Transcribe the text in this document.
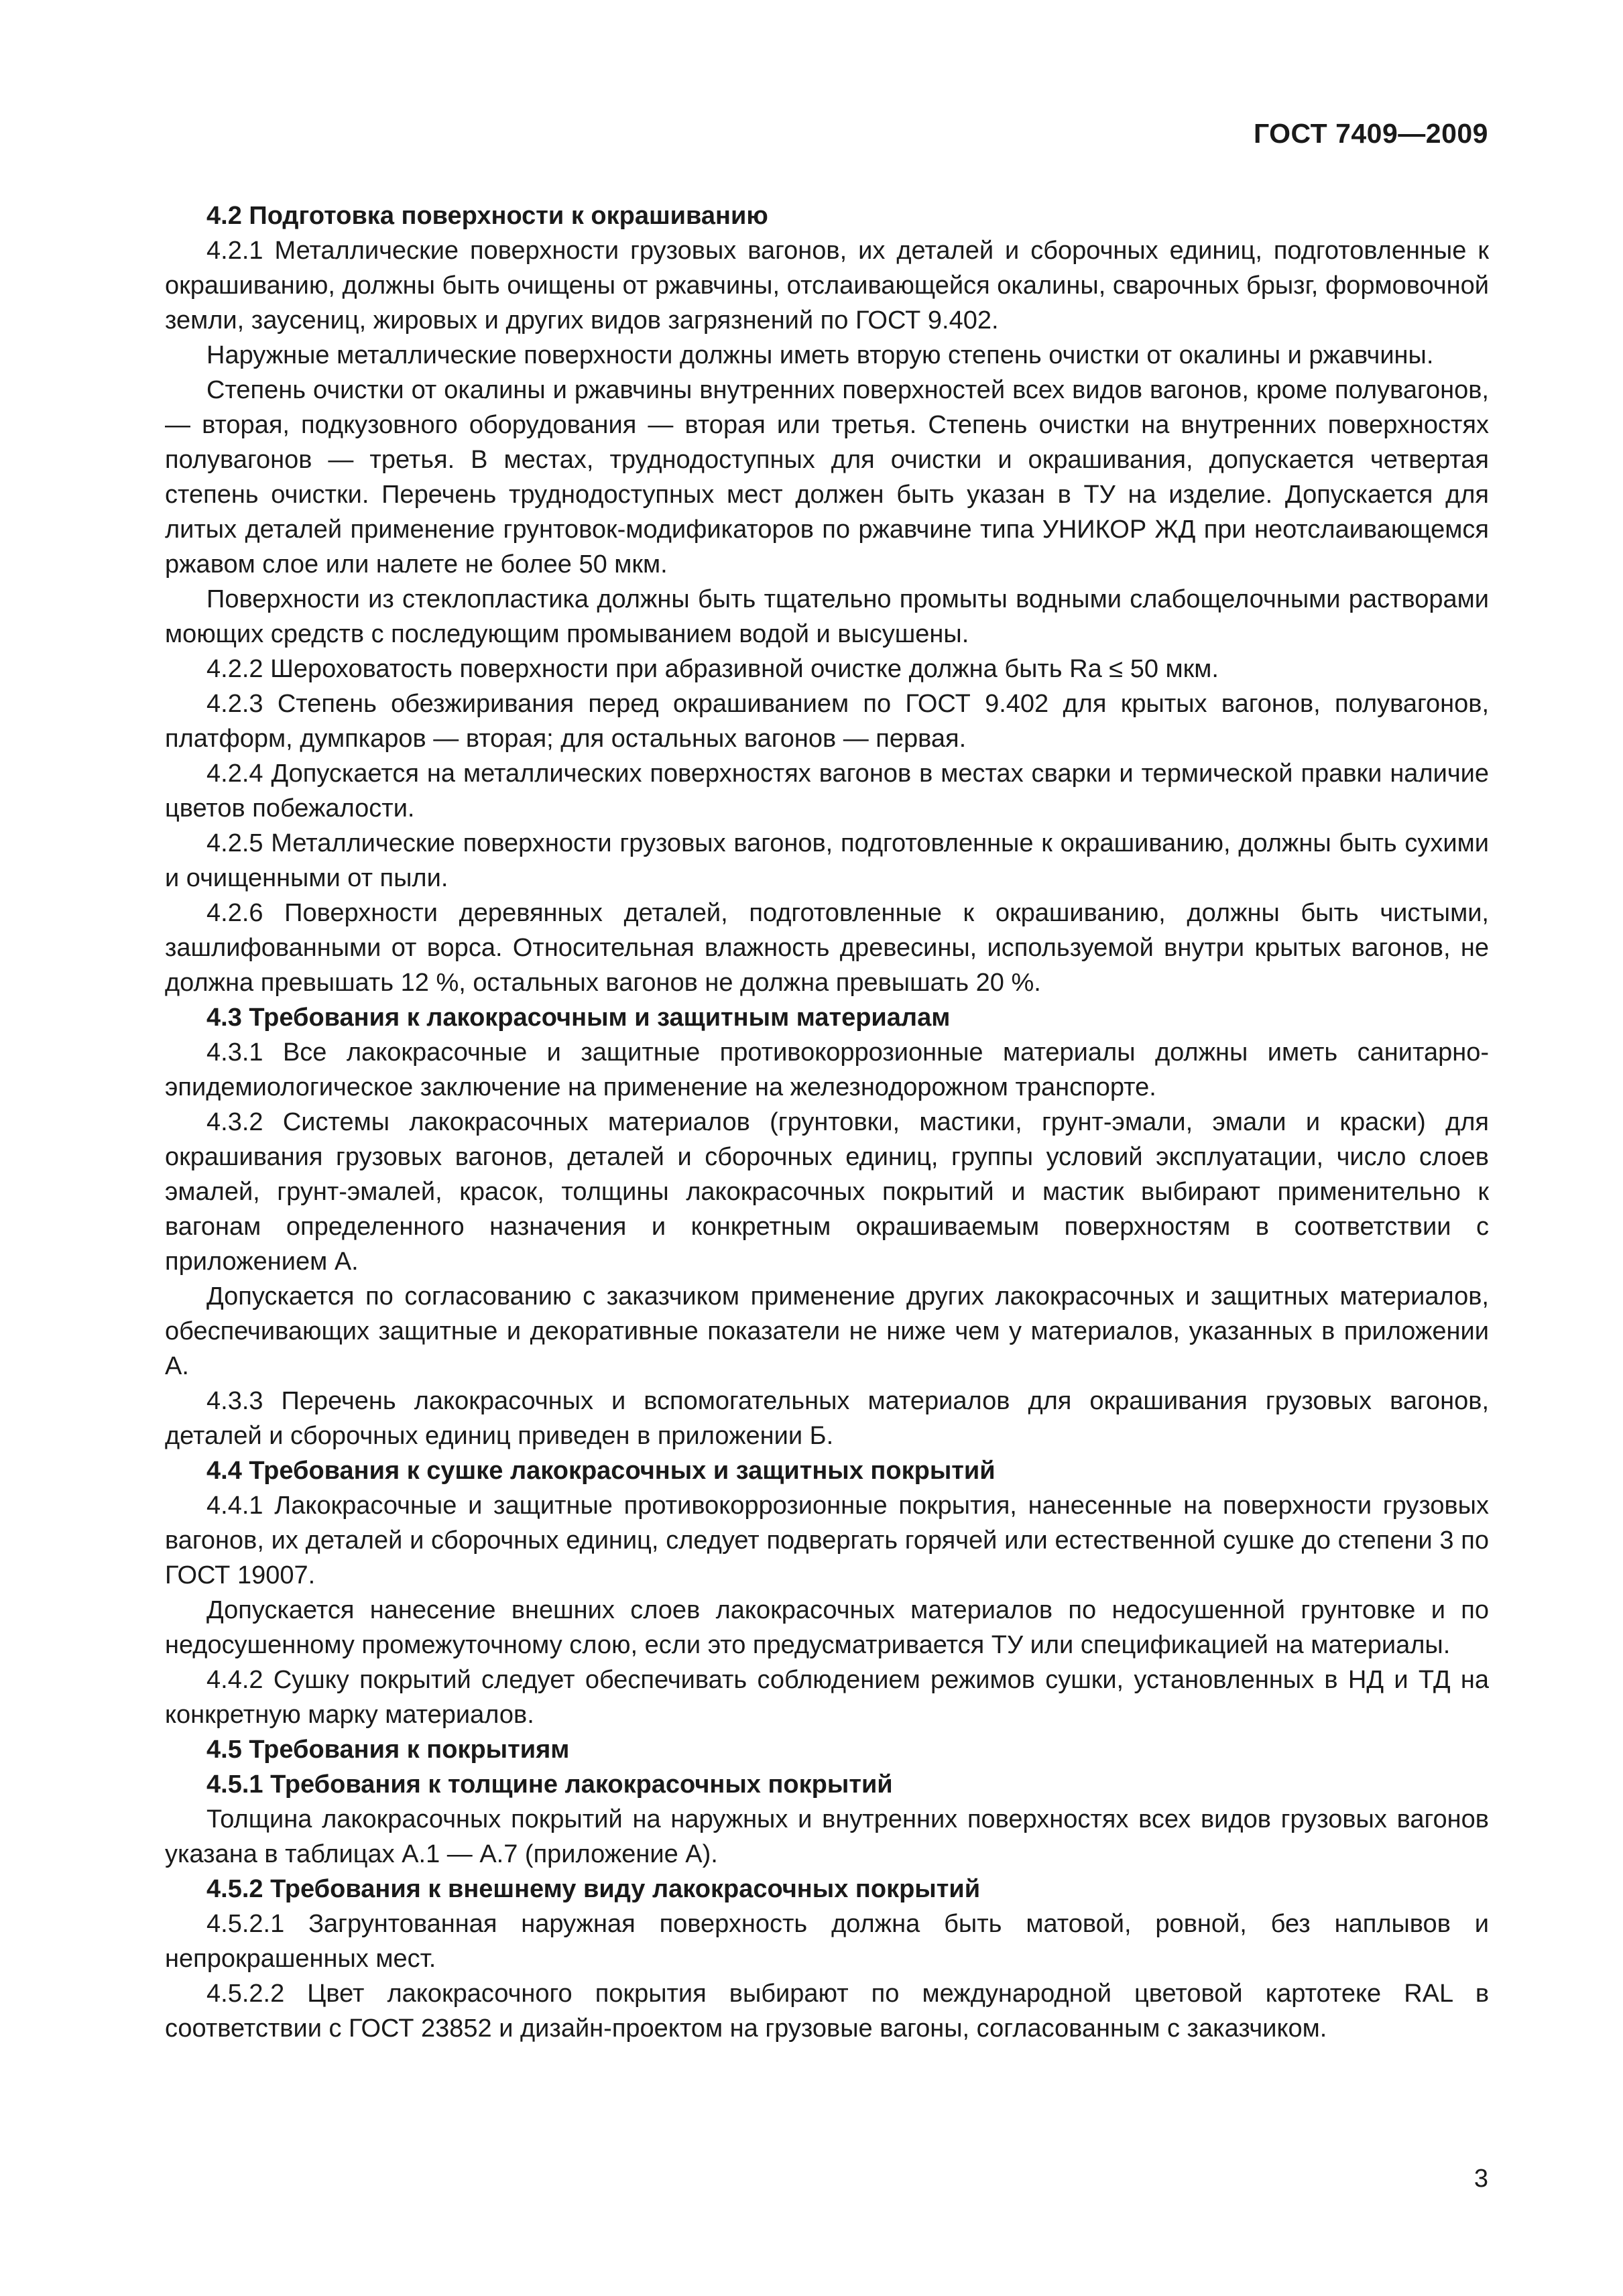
ГОСТ 7409—2009

4.2 Подготовка поверхности к окрашиванию

4.2.1 Металлические поверхности грузовых вагонов, их деталей и сборочных единиц, подготовленные к окрашиванию, должны быть очищены от ржавчины, отслаивающейся окалины, сварочных брызг, формовочной земли, заусениц, жировых и других видов загрязнений по ГОСТ 9.402.

Наружные металлические поверхности должны иметь вторую степень очистки от окалины и ржавчины.

Степень очистки от окалины и ржавчины внутренних поверхностей всех видов вагонов, кроме полувагонов, — вторая, подкузовного оборудования — вторая или третья. Степень очистки на внутренних поверхностях полувагонов — третья. В местах, труднодоступных для очистки и окрашивания, допускается четвертая степень очистки. Перечень труднодоступных мест должен быть указан в ТУ на изделие. Допускается для литых деталей применение грунтовок-модификаторов по ржавчине типа УНИКОР ЖД при неотслаивающемся ржавом слое или налете не более 50 мкм.

Поверхности из стеклопластика должны быть тщательно промыты водными слабощелочными растворами моющих средств с последующим промыванием водой и высушены.

4.2.2 Шероховатость поверхности при абразивной очистке должна быть Ra ≤ 50 мкм.

4.2.3 Степень обезжиривания перед окрашиванием по ГОСТ 9.402 для крытых вагонов, полувагонов, платформ, думпкаров — вторая; для остальных вагонов — первая.

4.2.4 Допускается на металлических поверхностях вагонов в местах сварки и термической правки наличие цветов побежалости.

4.2.5 Металлические поверхности грузовых вагонов, подготовленные к окрашиванию, должны быть сухими и очищенными от пыли.

4.2.6 Поверхности деревянных деталей, подготовленные к окрашиванию, должны быть чистыми, зашлифованными от ворса. Относительная влажность древесины, используемой внутри крытых вагонов, не должна превышать 12 %, остальных вагонов не должна превышать 20 %.

4.3 Требования к лакокрасочным и защитным материалам

4.3.1 Все лакокрасочные и защитные противокоррозионные материалы должны иметь санитарно-эпидемиологическое заключение на применение на железнодорожном транспорте.

4.3.2 Системы лакокрасочных материалов (грунтовки, мастики, грунт-эмали, эмали и краски) для окрашивания грузовых вагонов, деталей и сборочных единиц, группы условий эксплуатации, число слоев эмалей, грунт-эмалей, красок, толщины лакокрасочных покрытий и мастик выбирают применительно к вагонам определенного назначения и конкретным окрашиваемым поверхностям в соответствии с приложением А.

Допускается по согласованию с заказчиком применение других лакокрасочных и защитных материалов, обеспечивающих защитные и декоративные показатели не ниже чем у материалов, указанных в приложении А.

4.3.3 Перечень лакокрасочных и вспомогательных материалов для окрашивания грузовых вагонов, деталей и сборочных единиц приведен в приложении Б.

4.4 Требования к сушке лакокрасочных и защитных покрытий

4.4.1 Лакокрасочные и защитные противокоррозионные покрытия, нанесенные на поверхности грузовых вагонов, их деталей и сборочных единиц, следует подвергать горячей или естественной сушке до степени 3 по ГОСТ 19007.

Допускается нанесение внешних слоев лакокрасочных материалов по недосушенной грунтовке и по недосушенному промежуточному слою, если это предусматривается ТУ или спецификацией на материалы.

4.4.2 Сушку покрытий следует обеспечивать соблюдением режимов сушки, установленных в НД и ТД на конкретную марку материалов.

4.5 Требования к покрытиям

4.5.1 Требования к толщине лакокрасочных покрытий

Толщина лакокрасочных покрытий на наружных и внутренних поверхностях всех видов грузовых вагонов указана в таблицах А.1 — А.7 (приложение А).

4.5.2 Требования к внешнему виду лакокрасочных покрытий

4.5.2.1 Загрунтованная наружная поверхность должна быть матовой, ровной, без наплывов и непрокрашенных мест.

4.5.2.2 Цвет лакокрасочного покрытия выбирают по международной цветовой картотеке RAL в соответствии с ГОСТ 23852 и дизайн-проектом на грузовые вагоны, согласованным с заказчиком.

3
